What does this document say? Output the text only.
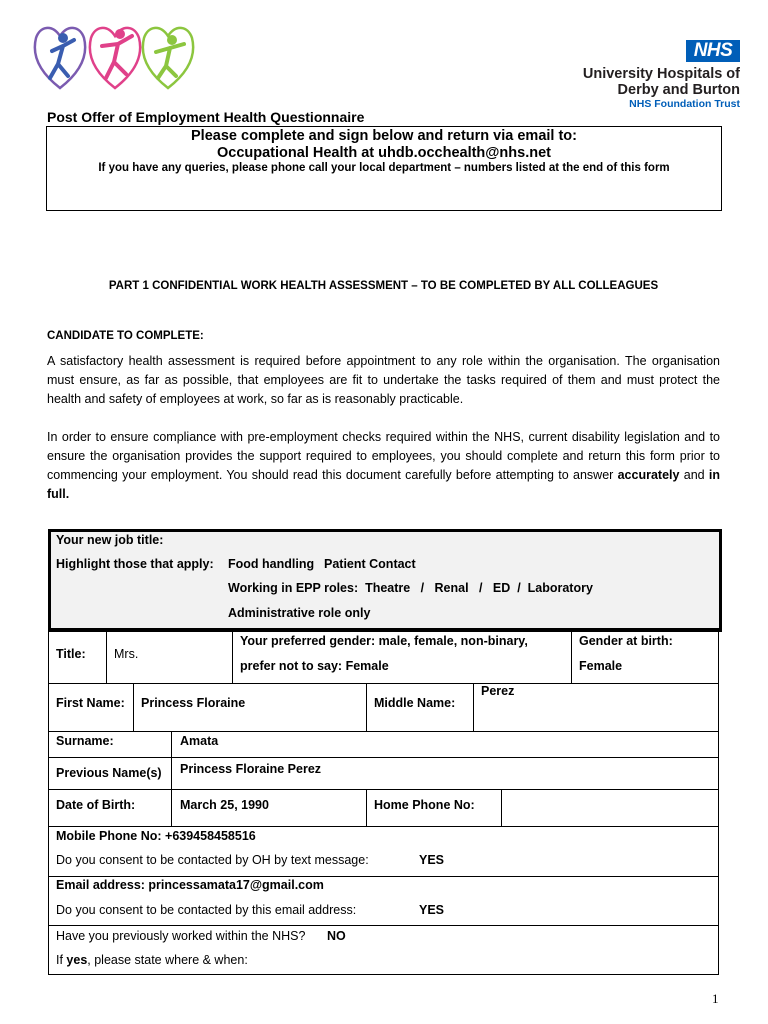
NHS
University Hospitals of
Derby and Burton
NHS Foundation Trust
Post Offer of Employment Health Questionnaire
Please complete and sign below and return via email to:
Occupational Health at uhdb.occhealth@nhs.net
If you have any queries, please phone call your local department – numbers listed at the end of this form
PART 1 CONFIDENTIAL WORK HEALTH ASSESSMENT – TO BE COMPLETED BY ALL COLLEAGUES
CANDIDATE TO COMPLETE:
A satisfactory health assessment is required before appointment to any role within the organisation. The organisation must ensure, as far as possible, that employees are fit to undertake the tasks required of them and must protect the health and safety of employees at work, so far as is reasonably practicable.
In order to ensure compliance with pre-employment checks required within the NHS, current disability legislation and to ensure the organisation provides the support required to employees, you should complete and return this form prior to commencing your employment. You should read this document carefully before attempting to answer accurately and in full.
Your new job title:
Highlight those that apply: Food handling Patient Contact
Working in EPP roles:  Theatre   /   Renal   /   ED  /  Laboratory
Administrative role only
Title: Mrs.
Your preferred gender: male, female, non-binary,
prefer not to say: Female
Gender at birth:
Female
First Name: Princess Floraine	Middle Name:
Perez
Surname:	Amata
Previous Name(s) Princess Floraine Perez
Date of Birth:	March 25, 1990	Home Phone No:
Mobile Phone No: +639458458516
Do you consent to be contacted by OH by text message:	YES
Email address: princessamata17@gmail.com
Do you consent to be contacted by this email address:	YES
Have you previously worked within the NHS? NO
If yes, please state where & when:
1
